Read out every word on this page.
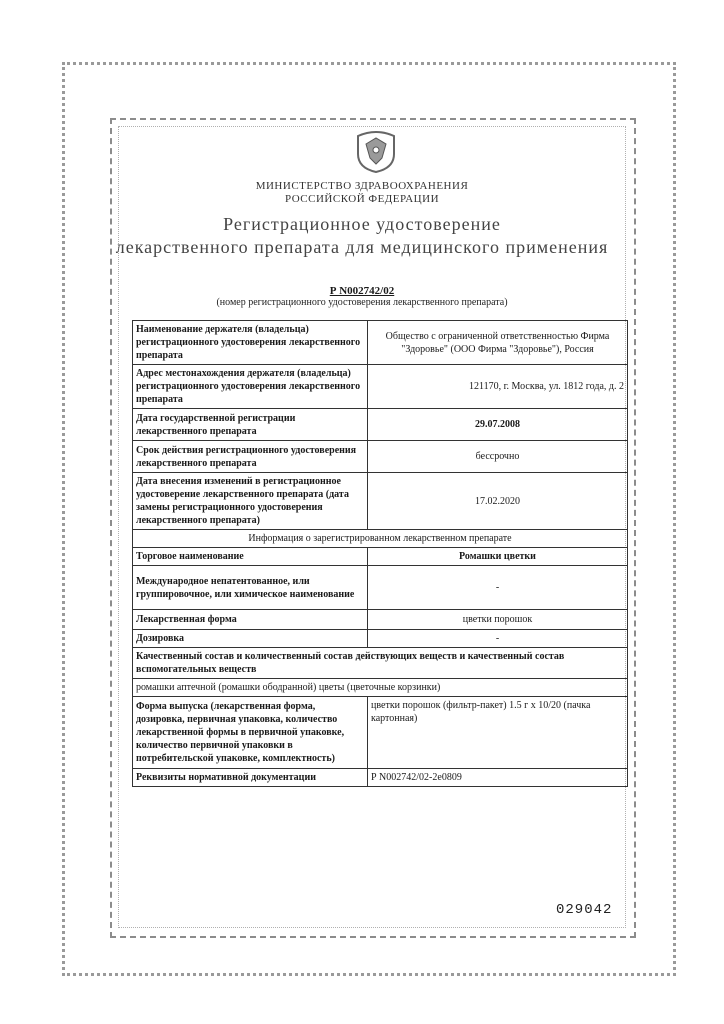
МИНИСТЕРСТВО ЗДРАВООХРАНЕНИЯ
РОССИЙСКОЙ ФЕДЕРАЦИИ
Регистрационное удостоверение
лекарственного препарата для медицинского применения
Р N002742/02
(номер регистрационного удостоверения лекарственного препарата)
Наименование держателя (владельца) регистрационного удостоверения лекарственного препарата	Общество с ограниченной ответственностью Фирма "Здоровье" (ООО Фирма "Здоровье"), Россия
Адрес местонахождения держателя (владельца) регистрационного удостоверения лекарственного препарата	121170, г. Москва, ул. 1812 года, д. 2
Дата государственной регистрации лекарственного препарата	29.07.2008
Срок действия регистрационного удостоверения лекарственного препарата	бессрочно
Дата внесения изменений в регистрационное удостоверение лекарственного препарата (дата замены регистрационного удостоверения лекарственного препарата)	17.02.2020
Информация о зарегистрированном лекарственном препарате	
Торговое наименование	Ромашки цветки
Международное непатентованное, или группировочное, или химическое наименование	-
Лекарственная форма	цветки порошок
Дозировка	-
Качественный состав и количественный состав действующих веществ и качественный состав вспомогательных веществ	
ромашки аптечной (ромашки ободранной) цветы (цветочные корзинки)	
Форма выпуска (лекарственная форма, дозировка, первичная упаковка, количество лекарственной формы в первичной упаковке, количество первичной упаковки в потребительской упаковке, комплектность)	цветки порошок (фильтр-пакет) 1.5 г x 10/20 (пачка картонная)
Реквизиты нормативной документации	Р N002742/02-2е0809
029042
